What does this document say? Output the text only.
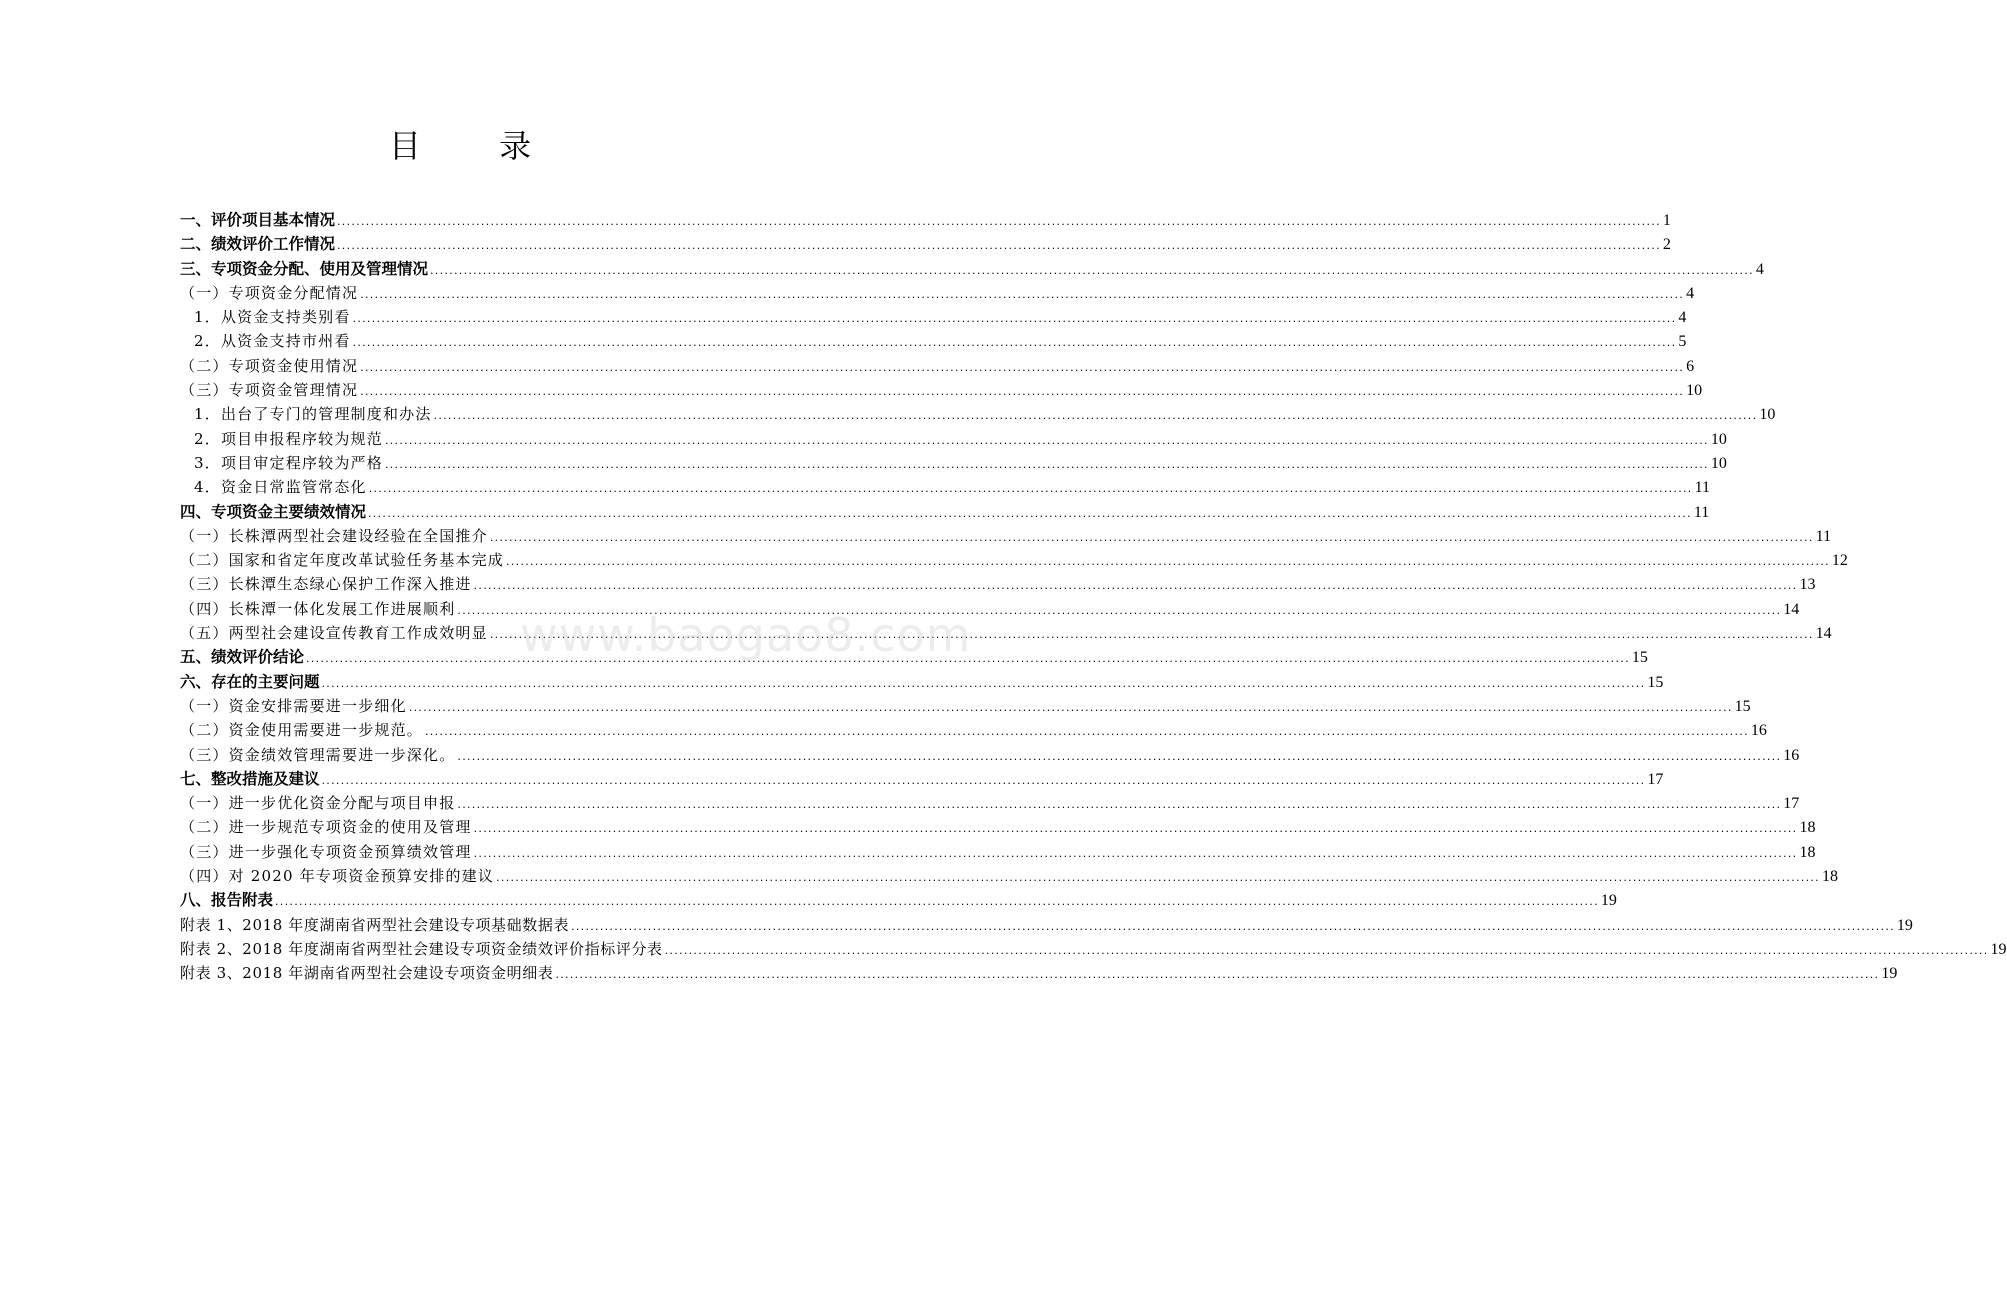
目 录
一、评价项目基本情况 .....	1
二、绩效评价工作情况 .....	2
三、专项资金分配、使用及管理情况 .....	4
（一）专项资金分配情况 .....	4
1．从资金支持类别看 .....	4
2．从资金支持市州看 .....	5
（二）专项资金使用情况 .....	6
（三）专项资金管理情况 .....	10
1．出台了专门的管理制度和办法 .....	10
2．项目申报程序较为规范 .....	10
3．项目审定程序较为严格 .....	10
4．资金日常监管常态化 .....	11
四、专项资金主要绩效情况 .....	11
（一）长株潭两型社会建设经验在全国推介 .....	11
（二）国家和省定年度改革试验任务基本完成 .....	12
（三）长株潭生态绿心保护工作深入推进 .....	13
（四）长株潭一体化发展工作进展顺利 .....	14
（五）两型社会建设宣传教育工作成效明显 .....	14
五、绩效评价结论 .....	15
六、存在的主要问题 .....	15
（一）资金安排需要进一步细化 .....	15
（二）资金使用需要进一步规范。 .....	16
（三）资金绩效管理需要进一步深化。 .....	16
七、整改措施及建议 .....	17
（一）进一步优化资金分配与项目申报 .....	17
（二）进一步规范专项资金的使用及管理 .....	18
（三）进一步强化专项资金预算绩效管理 .....	18
（四）对 2020 年专项资金预算安排的建议 .....	18
八、报告附表 .....	19
附表 1、2018 年度湖南省两型社会建设专项基础数据表 .....	19
附表 2、2018 年度湖南省两型社会建设专项资金绩效评价指标评分表 .....	19
附表 3、2018 年湖南省两型社会建设专项资金明细表 .....	19
www.baogao8.com
